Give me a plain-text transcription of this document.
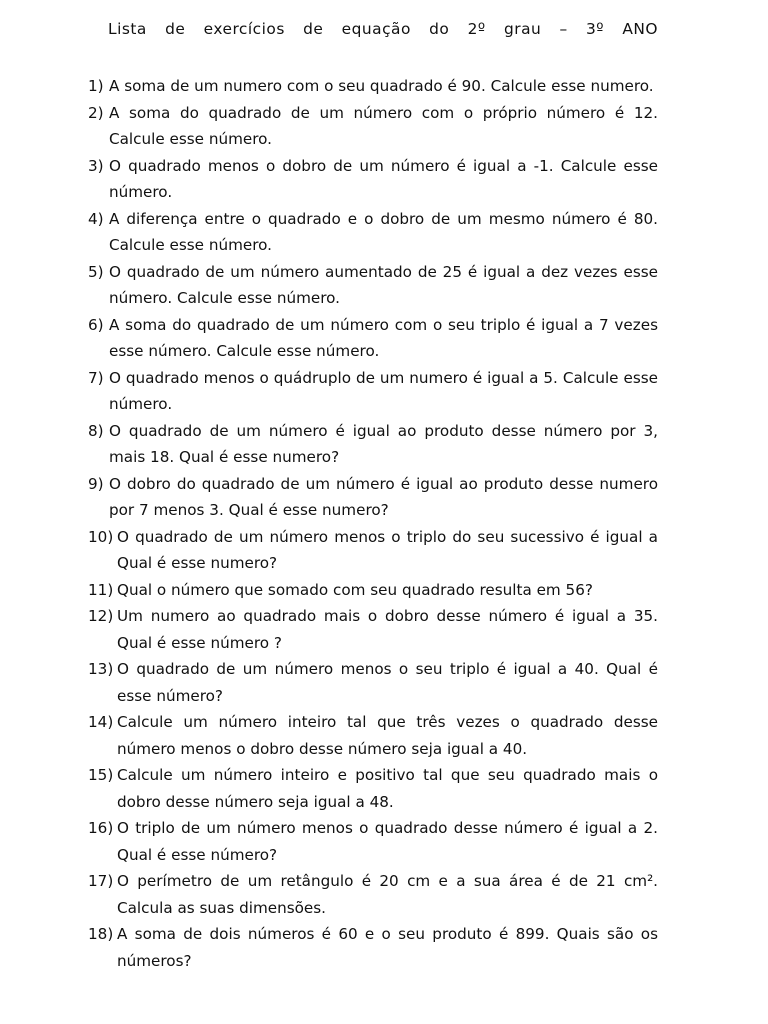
Lista de exercícios de equação do 2º grau – 3º ANO
1) A soma de um numero com o seu quadrado é 90. Calcule esse numero.
2) A soma do quadrado de um número com o próprio número é 12. Calcule esse número.
3) O quadrado menos o dobro de um número é igual a -1. Calcule esse número.
4) A diferença entre o quadrado e o dobro de um mesmo número é 80. Calcule esse número.
5) O quadrado de um número aumentado de 25 é igual a dez vezes esse número. Calcule esse número.
6) A soma do quadrado de um número com o seu triplo é igual a 7 vezes esse número. Calcule esse número.
7) O quadrado menos o quádruplo de um numero é igual a 5. Calcule esse número.
8) O quadrado de um número é igual ao produto desse número por 3, mais 18. Qual é esse numero?
9) O dobro do quadrado de um número é igual ao produto desse numero por 7 menos 3. Qual é esse numero?
10) O quadrado de um número menos o triplo do seu sucessivo é igual a Qual é esse numero?
11) Qual o número que somado com seu quadrado resulta em 56?
12) Um numero ao quadrado mais o dobro desse número é igual a 35. Qual é esse número ?
13) O quadrado de um número menos o seu triplo é igual a 40. Qual é esse número?
14) Calcule um número inteiro tal que três vezes o quadrado desse número menos o dobro desse número seja igual a 40.
15) Calcule um número inteiro e positivo tal que seu quadrado mais o dobro desse número seja igual a 48.
16) O triplo de um número menos o quadrado desse número é igual a 2. Qual é esse número?
17) O perímetro de um retângulo é 20 cm e a sua área é de 21 cm². Calcula as suas dimensões.
18) A soma de dois números é 60 e o seu produto é 899. Quais são os números?
